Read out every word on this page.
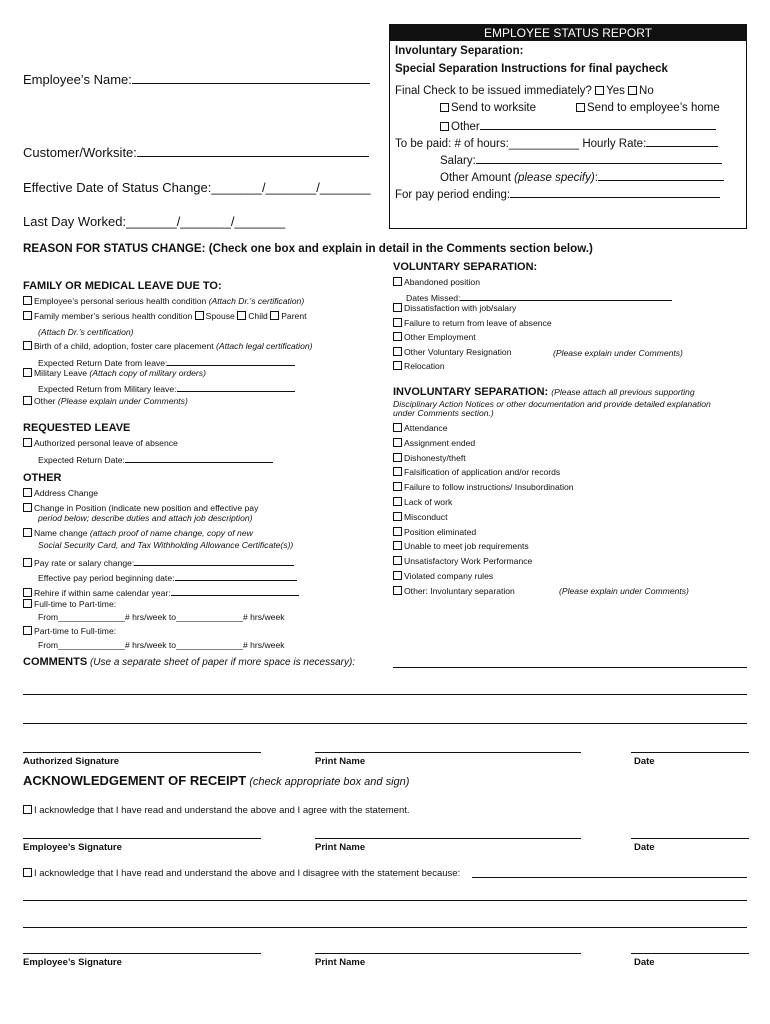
Employee’s Name:
Customer/Worksite:
Effective Date of Status Change:_______/_______/_______
Last Day Worked:_______/_______/_______
EMPLOYEE STATUS REPORT
Involuntary Separation:
Special Separation Instructions for final paycheck
Final Check to be issued immediately? Yes No
Send to worksite	Send to employee’s home
Other
To be paid: # of hours:___________ Hourly Rate:
Salary:
Other Amount (please specify):
For pay period ending:
REASON FOR STATUS CHANGE: (Check one box and explain in detail in the Comments section below.)
FAMILY OR MEDICAL LEAVE DUE TO:
Employee’s personal serious health condition (Attach Dr.’s certification)
Family member’s serious health condition Spouse Child Parent
(Attach Dr.’s certification)
Birth of a child, adoption, foster care placement (Attach legal certification)
Expected Return Date from leave:
Military Leave (Attach copy of military orders)
Expected Return from Military leave:
Other (Please explain under Comments)
REQUESTED LEAVE
Authorized personal leave of absence
Expected Return Date:
OTHER
Address Change
Change in Position (indicate new position and effective pay
period below; describe duties and attach job description)
Name change (attach proof of name change, copy of new
Social Security Card, and Tax Withholding Allowance Certificate(s))
Pay rate or salary change:
Effective pay period beginning date:
Rehire if within same calendar year:
Full-time to Part-time:
From______________# hrs/week to______________# hrs/week
Part-time to Full-time:
From______________# hrs/week to______________# hrs/week
VOLUNTARY SEPARATION:
Abandoned position
Dates Missed:
Dissatisfaction with job/salary
Failure to return from leave of absence
Other Employment
Other Voluntary Resignation	(Please explain under Comments)
Relocation
INVOLUNTARY SEPARATION: (Please attach all previous supporting
Disciplinary Action Notices or other documentation and provide detailed explanation
under Comments section.)
Attendance
Assignment ended
Dishonesty/theft
Falsification of application and/or records
Failure to follow instructions/ Insubordination
Lack of work
Misconduct
Position eliminated
Unable to meet job requirements
Unsatisfactory Work Performance
Violated company rules
Other: Involuntary separation	(Please explain under Comments)
COMMENTS (Use a separate sheet of paper if more space is necessary):
Authorized Signature	Print Name	Date
ACKNOWLEDGEMENT OF RECEIPT (check appropriate box and sign)
I acknowledge that I have read and understand the above and I agree with the statement.
Employee’s Signature	Print Name	Date
I acknowledge that I have read and understand the above and I disagree with the statement because:
Employee’s Signature	Print Name	Date
